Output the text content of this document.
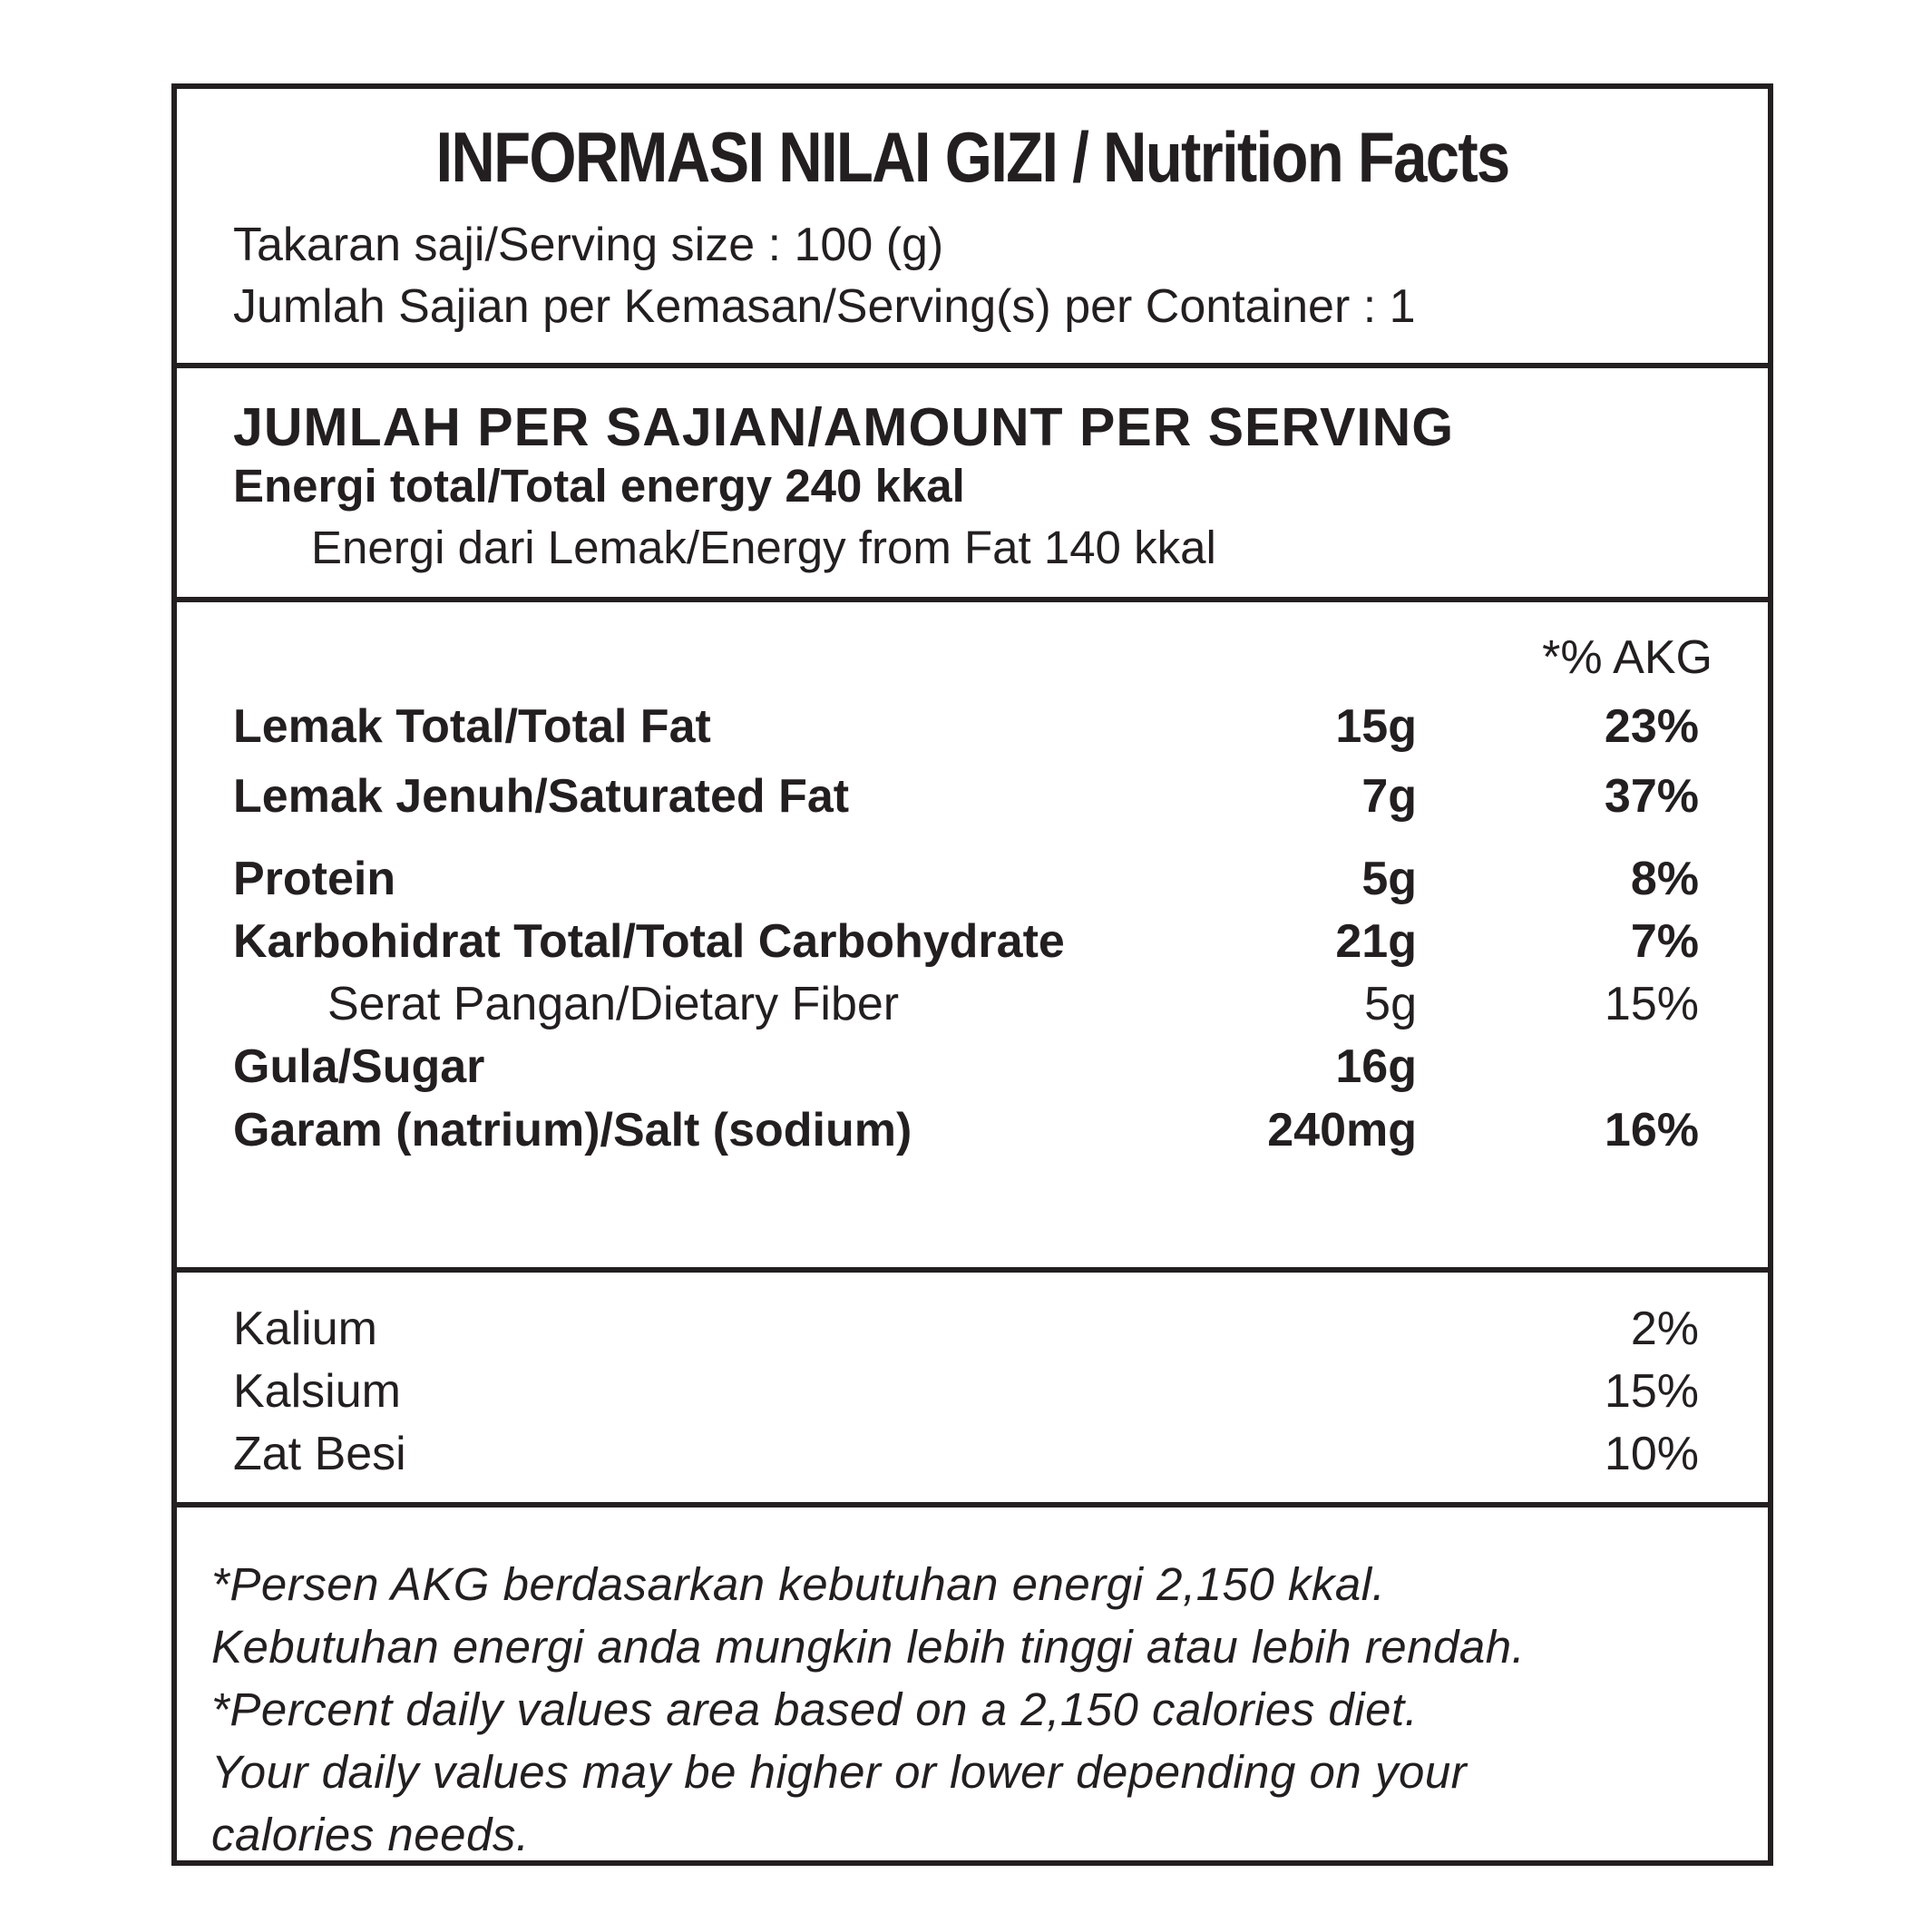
INFORMASI NILAI GIZI / Nutrition Facts
Takaran saji/Serving size : 100 (g)
Jumlah Sajian per Kemasan/Serving(s) per Container : 1
JUMLAH PER SAJIAN/AMOUNT PER SERVING
Energi total/Total energy 240 kkal
Energi dari Lemak/Energy from Fat 140 kkal
*% AKG
Lemak Total/Total Fat	15g	23%
Lemak Jenuh/Saturated Fat	7g	37%
Protein	5g	8%
Karbohidrat Total/Total Carbohydrate	21g	7%
Serat Pangan/Dietary Fiber	5g	15%
Gula/Sugar	16g
Garam (natrium)/Salt (sodium)	240mg	16%
Kalium	2%
Kalsium	15%
Zat Besi	10%
*Persen AKG berdasarkan kebutuhan energi 2,150 kkal.
Kebutuhan energi anda mungkin lebih tinggi atau lebih rendah.
*Percent daily values area based on a 2,150 calories diet.
Your daily values may be higher or lower depending on your
calories needs.
